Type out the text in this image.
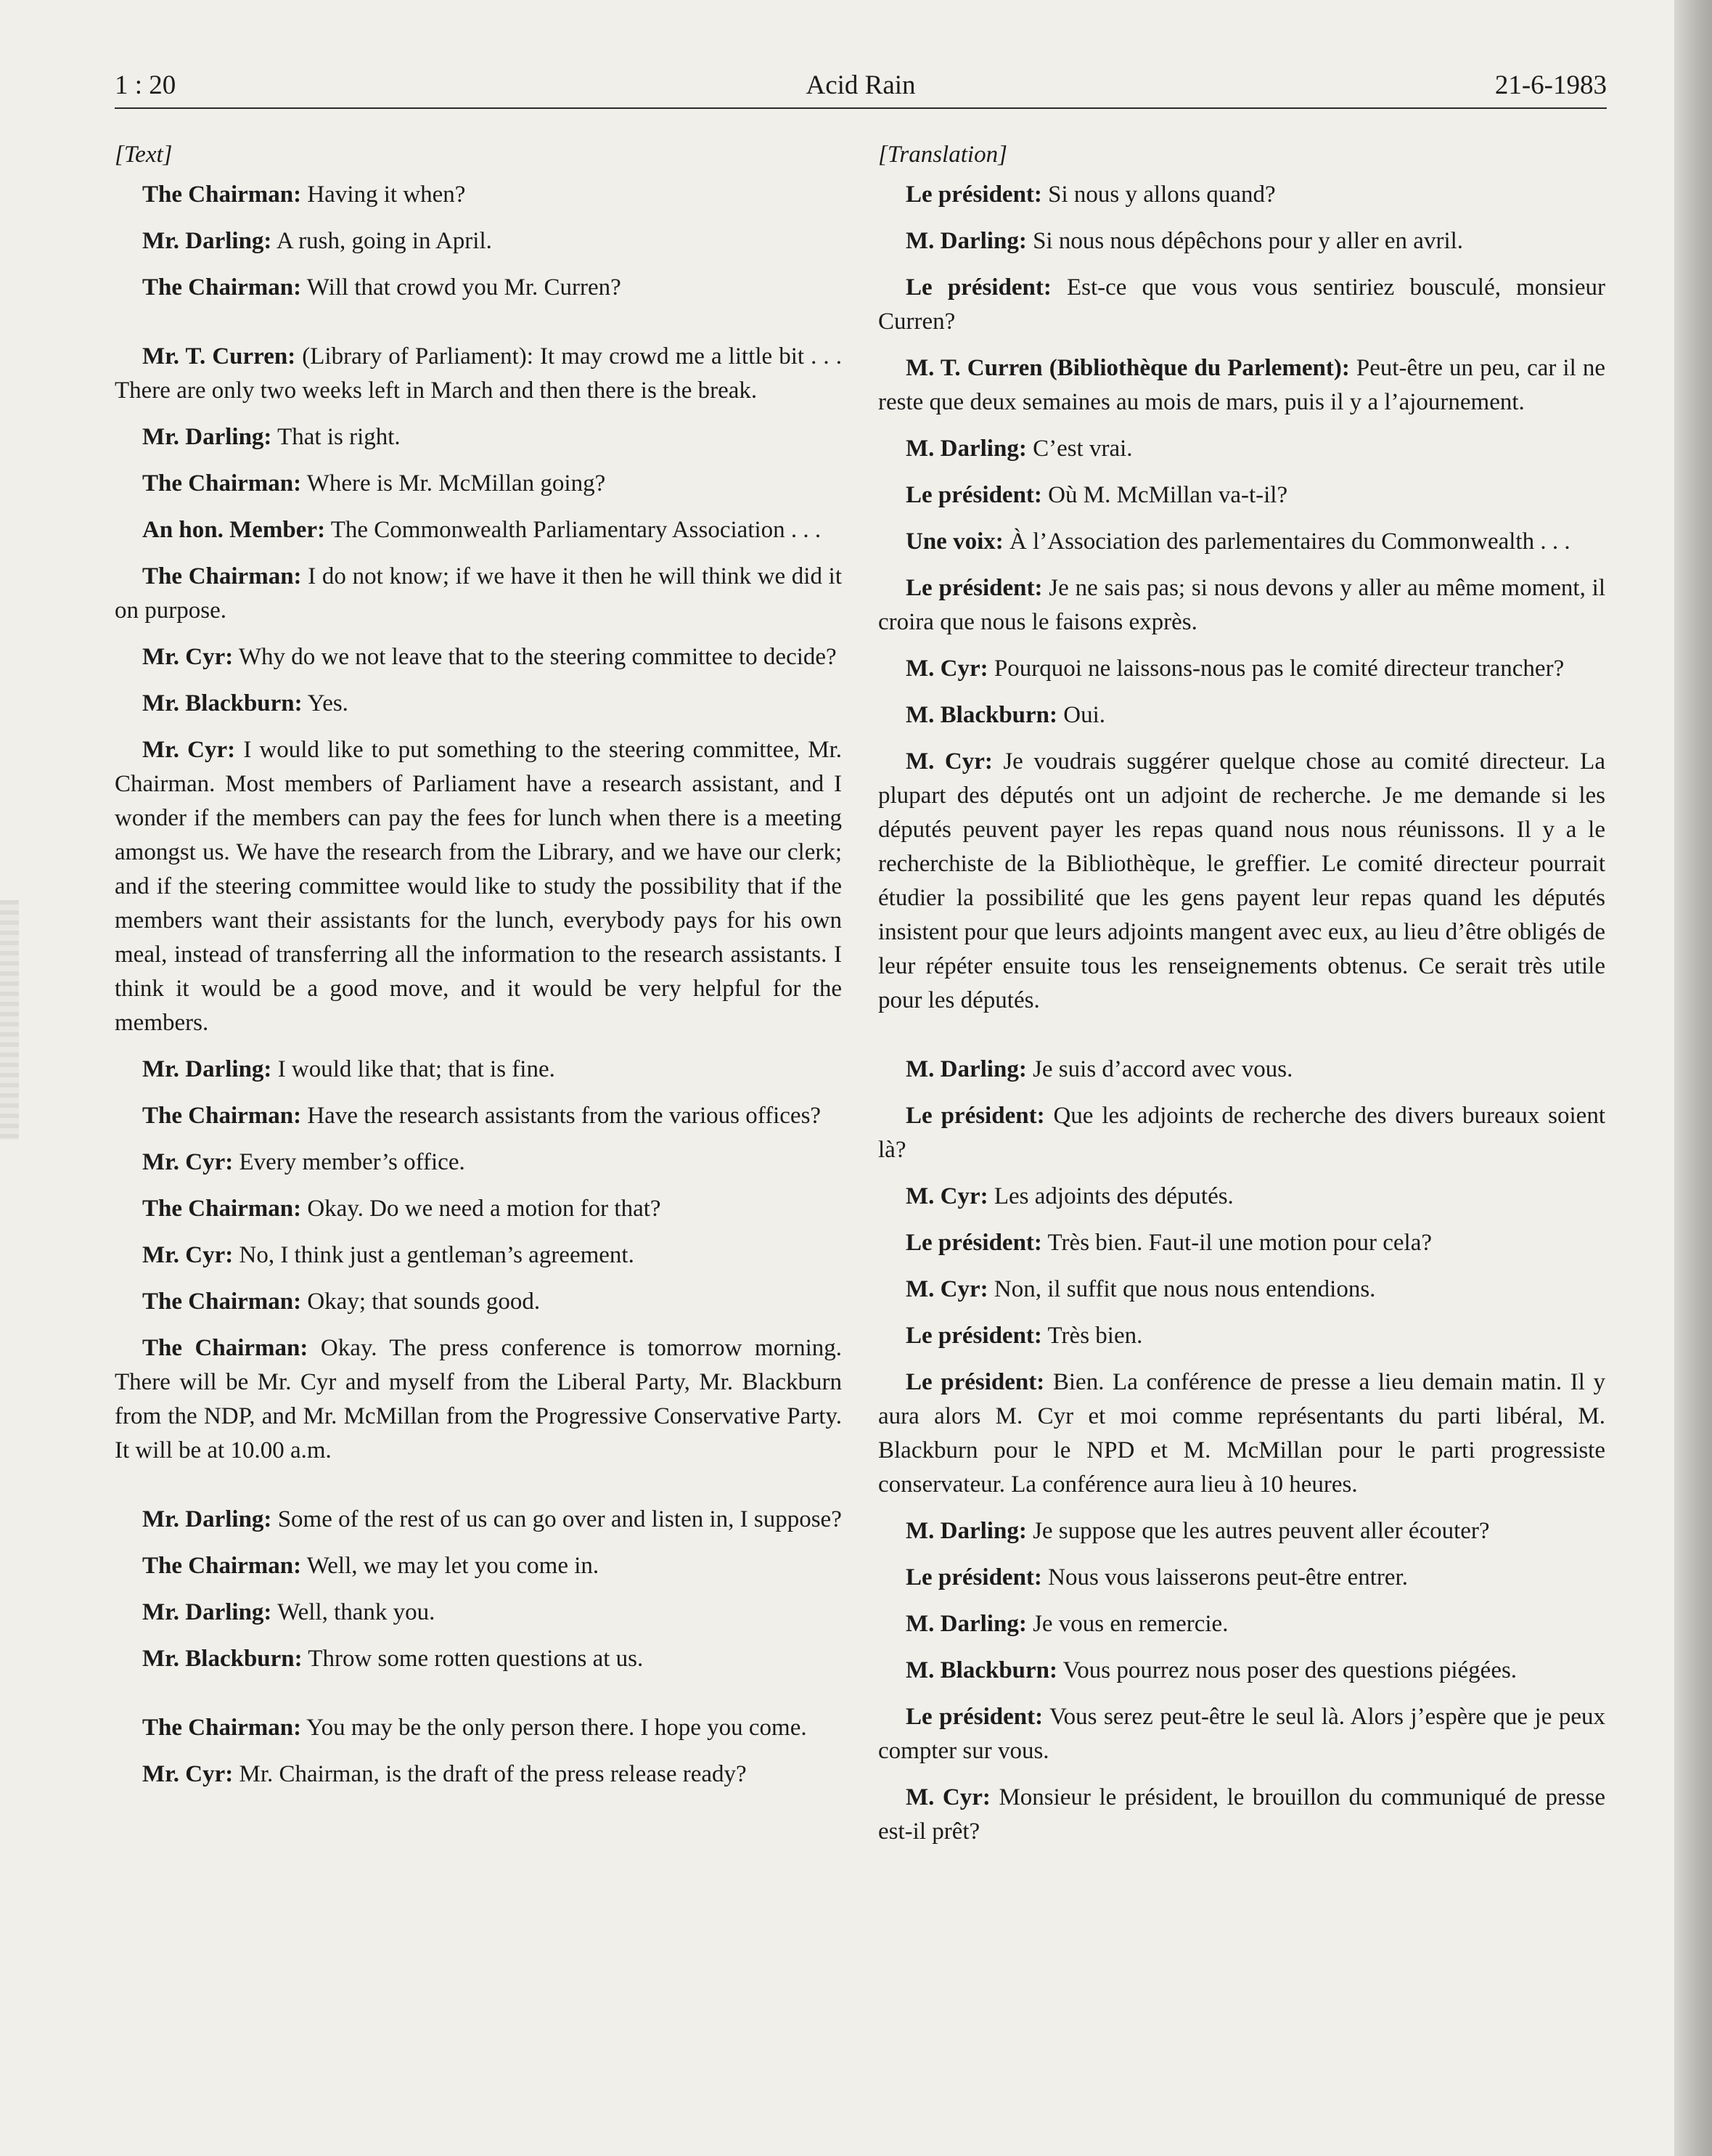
1 : 20	Acid Rain	21-6-1983

[Text]

The Chairman: Having it when?

Mr. Darling: A rush, going in April.

The Chairman: Will that crowd you Mr. Curren?

Mr. T. Curren: (Library of Parliament): It may crowd me a little bit . . . There are only two weeks left in March and then there is the break.

Mr. Darling: That is right.

The Chairman: Where is Mr. McMillan going?

An hon. Member: The Commonwealth Parliamentary Association . . .

The Chairman: I do not know; if we have it then he will think we did it on purpose.

Mr. Cyr: Why do we not leave that to the steering committee to decide?

Mr. Blackburn: Yes.

Mr. Cyr: I would like to put something to the steering committee, Mr. Chairman. Most members of Parliament have a research assistant, and I wonder if the members can pay the fees for lunch when there is a meeting amongst us. We have the research from the Library, and we have our clerk; and if the steering committee would like to study the possibility that if the members want their assistants for the lunch, everybody pays for his own meal, instead of transferring all the information to the research assistants. I think it would be a good move, and it would be very helpful for the members.

Mr. Darling: I would like that; that is fine.

The Chairman: Have the research assistants from the various offices?

Mr. Cyr: Every member’s office.

The Chairman: Okay. Do we need a motion for that?

Mr. Cyr: No, I think just a gentleman’s agreement.

The Chairman: Okay; that sounds good.

The Chairman: Okay. The press conference is tomorrow morning. There will be Mr. Cyr and myself from the Liberal Party, Mr. Blackburn from the NDP, and Mr. McMillan from the Progressive Conservative Party. It will be at 10.00 a.m.

Mr. Darling: Some of the rest of us can go over and listen in, I suppose?

The Chairman: Well, we may let you come in.

Mr. Darling: Well, thank you.

Mr. Blackburn: Throw some rotten questions at us.

The Chairman: You may be the only person there. I hope you come.

Mr. Cyr: Mr. Chairman, is the draft of the press release ready?

[Translation]

Le président: Si nous y allons quand?

M. Darling: Si nous nous dépêchons pour y aller en avril.

Le président: Est-ce que vous vous sentiriez bousculé, monsieur Curren?

M. T. Curren (Bibliothèque du Parlement): Peut-être un peu, car il ne reste que deux semaines au mois de mars, puis il y a l’ajournement.

M. Darling: C’est vrai.

Le président: Où M. McMillan va-t-il?

Une voix: À l’Association des parlementaires du Commonwealth . . .

Le président: Je ne sais pas; si nous devons y aller au même moment, il croira que nous le faisons exprès.

M. Cyr: Pourquoi ne laissons-nous pas le comité directeur trancher?

M. Blackburn: Oui.

M. Cyr: Je voudrais suggérer quelque chose au comité directeur. La plupart des députés ont un adjoint de recherche. Je me demande si les députés peuvent payer les repas quand nous nous réunissons. Il y a le recherchiste de la Bibliothèque, le greffier. Le comité directeur pourrait étudier la possibilité que les gens payent leur repas quand les députés insistent pour que leurs adjoints mangent avec eux, au lieu d’être obligés de leur répéter ensuite tous les renseignements obtenus. Ce serait très utile pour les députés.

M. Darling: Je suis d’accord avec vous.

Le président: Que les adjoints de recherche des divers bureaux soient là?

M. Cyr: Les adjoints des députés.

Le président: Très bien. Faut-il une motion pour cela?

M. Cyr: Non, il suffit que nous nous entendions.

Le président: Très bien.

Le président: Bien. La conférence de presse a lieu demain matin. Il y aura alors M. Cyr et moi comme représentants du parti libéral, M. Blackburn pour le NPD et M. McMillan pour le parti progressiste conservateur. La conférence aura lieu à 10 heures.

M. Darling: Je suppose que les autres peuvent aller écouter?

Le président: Nous vous laisserons peut-être entrer.

M. Darling: Je vous en remercie.

M. Blackburn: Vous pourrez nous poser des questions piégées.

Le président: Vous serez peut-être le seul là. Alors j’espère que je peux compter sur vous.

M. Cyr: Monsieur le président, le brouillon du communiqué de presse est-il prêt?
